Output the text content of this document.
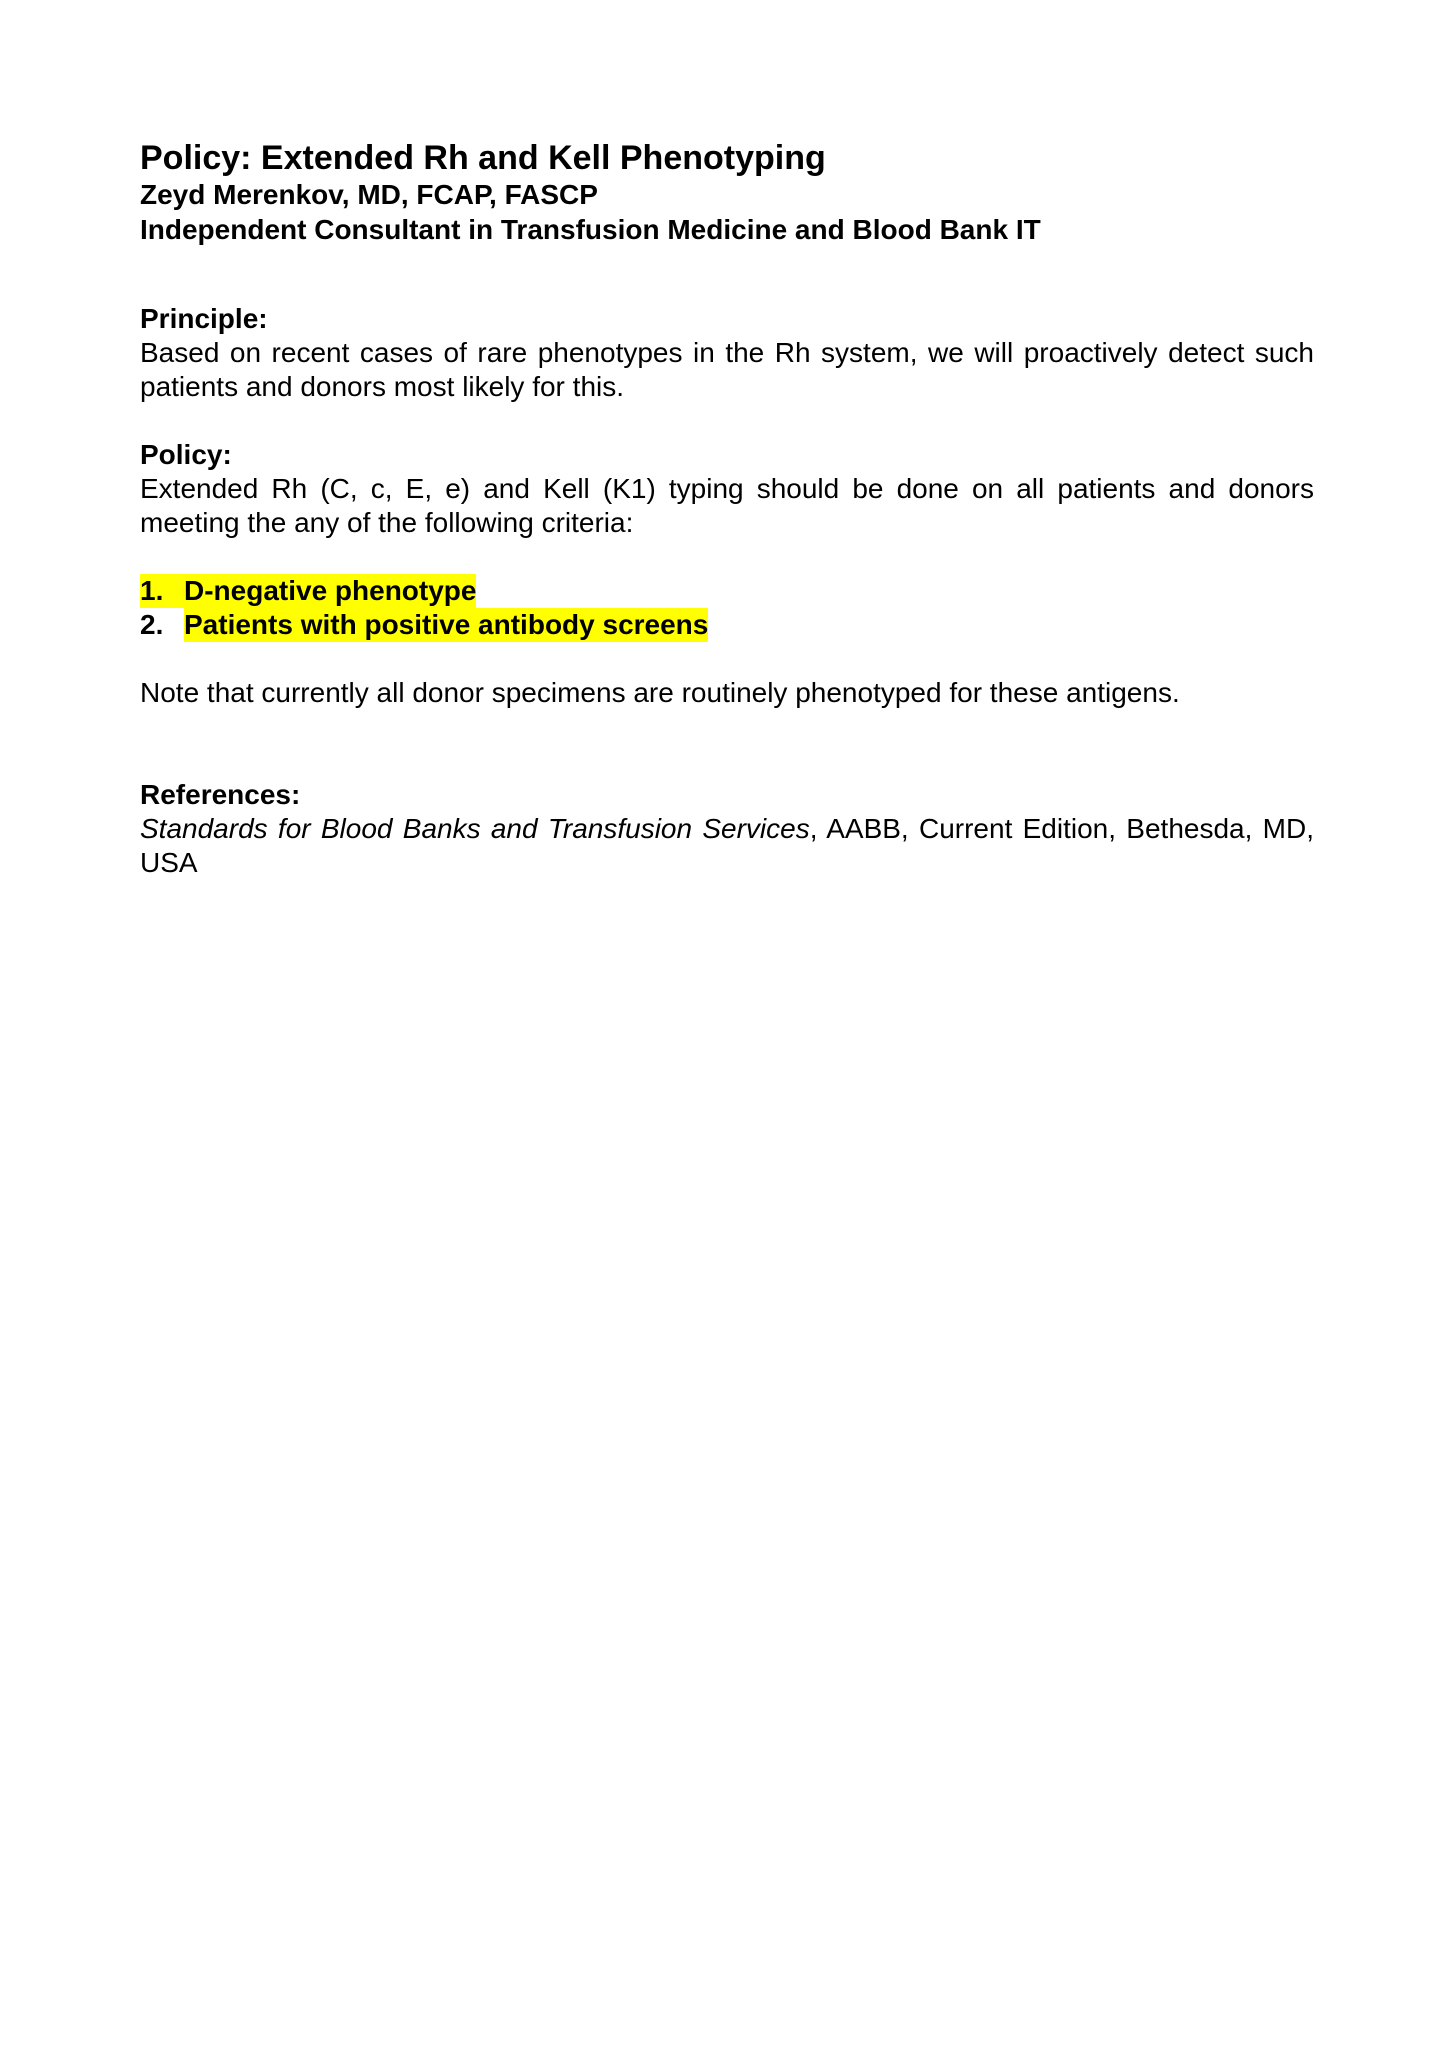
Policy: Extended Rh and Kell Phenotyping

Zeyd Merenkov, MD, FCAP, FASCP

Independent Consultant in Transfusion Medicine and Blood Bank IT

Principle:

Based on recent cases of rare phenotypes in the Rh system, we will proactively detect such patients and donors most likely for this.

Policy:

Extended Rh (C, c, E, e) and Kell (K1) typing should be done on all patients and donors meeting the any of the following criteria:

1. D-negative phenotype
2. Patients with positive antibody screens

Note that currently all donor specimens are routinely phenotyped for these antigens.

References:

Standards for Blood Banks and Transfusion Services, AABB, Current Edition, Bethesda, MD, USA
